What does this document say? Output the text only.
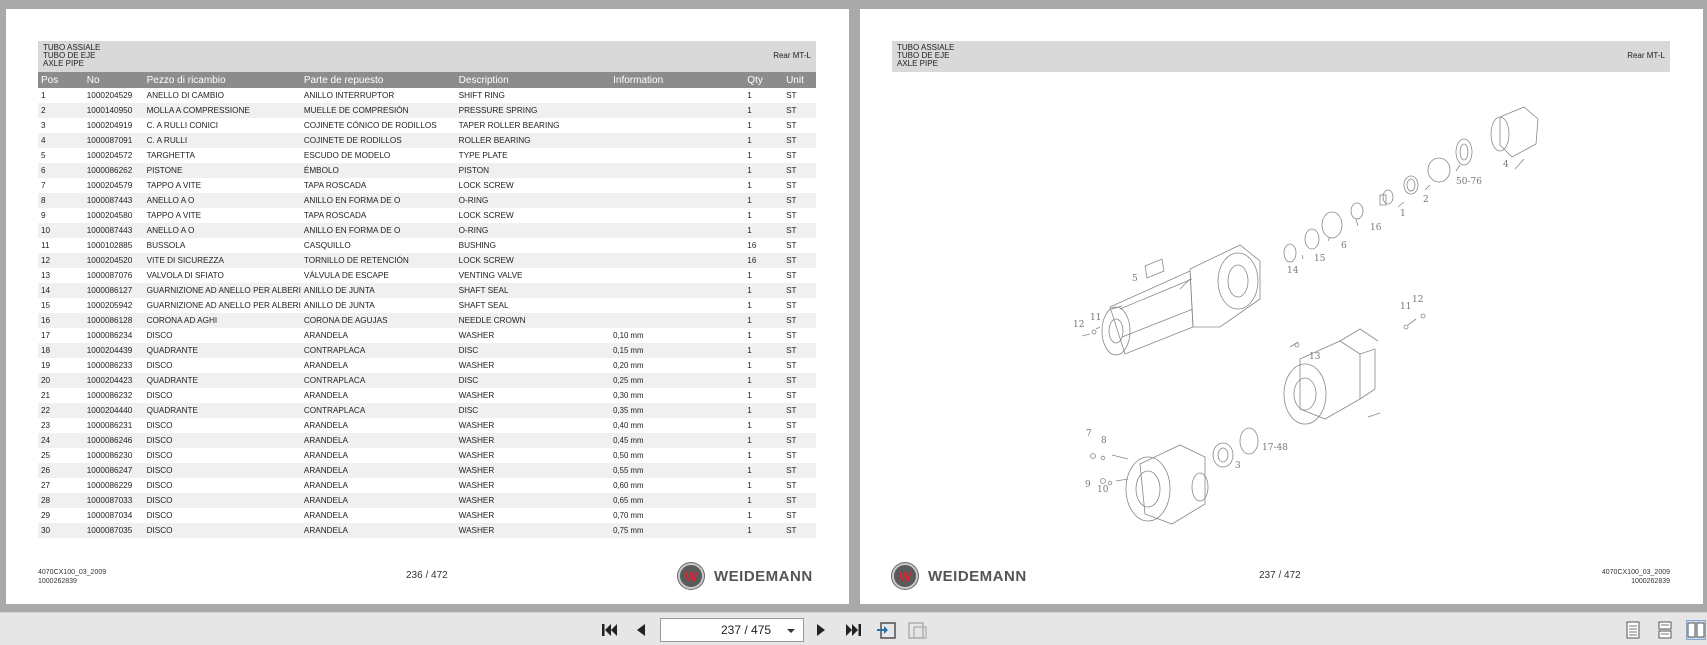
TUBO ASSIALE
TUBO DE EJE
AXLE PIPE
Rear MT-L
Pos	No	Pezzo di ricambio	Parte de repuesto	Description	Information	Qty	Unit
1	1000204529	ANELLO DI CAMBIO	ANILLO INTERRUPTOR	SHIFT RING		1	ST
2	1000140950	MOLLA A COMPRESSIONE	MUELLE DE COMPRESIÓN	PRESSURE SPRING		1	ST
3	1000204919	C. A RULLI CONICI	COJINETE CÓNICO DE RODILLOS	TAPER ROLLER BEARING		1	ST
4	1000087091	C. A RULLI	COJINETE DE RODILLOS	ROLLER BEARING		1	ST
5	1000204572	TARGHETTA	ESCUDO DE MODELO	TYPE PLATE		1	ST
6	1000086262	PISTONE	ÉMBOLO	PISTON		1	ST
7	1000204579	TAPPO A VITE	TAPA ROSCADA	LOCK SCREW		1	ST
8	1000087443	ANELLO A O	ANILLO EN FORMA DE O	O-RING		1	ST
9	1000204580	TAPPO A VITE	TAPA ROSCADA	LOCK SCREW		1	ST
10	1000087443	ANELLO A O	ANILLO EN FORMA DE O	O-RING		1	ST
11	1000102885	BUSSOLA	CASQUILLO	BUSHING		16	ST
12	1000204520	VITE DI SICUREZZA	TORNILLO DE RETENCIÓN	LOCK SCREW		16	ST
13	1000087076	VALVOLA DI SFIATO	VÁLVULA DE ESCAPE	VENTING VALVE		1	ST
14	1000086127	GUARNIZIONE AD ANELLO PER ALBERI	ANILLO DE JUNTA	SHAFT SEAL		1	ST
15	1000205942	GUARNIZIONE AD ANELLO PER ALBERI	ANILLO DE JUNTA	SHAFT SEAL		1	ST
16	1000086128	CORONA AD AGHI	CORONA DE AGUJAS	NEEDLE CROWN		1	ST
17	1000086234	DISCO	ARANDELA	WASHER	0,10 mm	1	ST
18	1000204439	QUADRANTE	CONTRAPLACA	DISC	0,15 mm	1	ST
19	1000086233	DISCO	ARANDELA	WASHER	0,20 mm	1	ST
20	1000204423	QUADRANTE	CONTRAPLACA	DISC	0,25 mm	1	ST
21	1000086232	DISCO	ARANDELA	WASHER	0,30 mm	1	ST
22	1000204440	QUADRANTE	CONTRAPLACA	DISC	0,35 mm	1	ST
23	1000086231	DISCO	ARANDELA	WASHER	0,40 mm	1	ST
24	1000086246	DISCO	ARANDELA	WASHER	0,45 mm	1	ST
25	1000086230	DISCO	ARANDELA	WASHER	0,50 mm	1	ST
26	1000086247	DISCO	ARANDELA	WASHER	0,55 mm	1	ST
27	1000086229	DISCO	ARANDELA	WASHER	0,60 mm	1	ST
28	1000087033	DISCO	ARANDELA	WASHER	0,65 mm	1	ST
29	1000087034	DISCO	ARANDELA	WASHER	0,70 mm	1	ST
30	1000087035	DISCO	ARANDELA	WASHER	0,75 mm	1	ST
4070CX100_03_2009
1000262839
236 / 472 W	WEIDEMANN
TUBO ASSIALE
TUBO DE EJE
AXLE PIPE
Rear MT-L
4
50-76
1
2
16
6
15
14
5
11
12
11
12
13
7
8
9 10
3
17-48
W
WEIDEMANN	237 / 472	4070CX100_03_2009
1000262839
237 / 475
